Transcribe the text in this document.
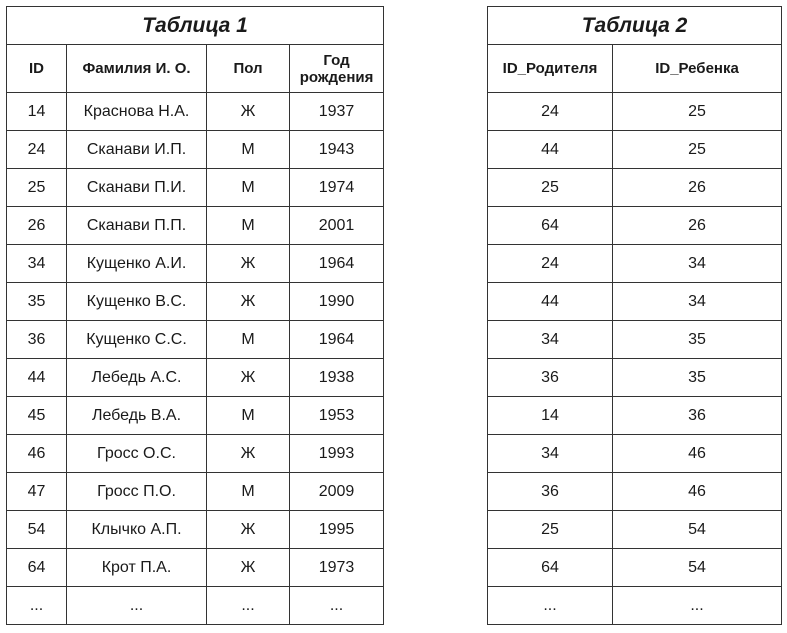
Таблица 1			
ID	Фамилия И. О.	Пол	Год
рождения
14	Краснова Н.А.	Ж	1937
24	Сканави И.П.	М	1943
25	Сканави П.И.	М	1974
26	Сканави П.П.	М	2001
34	Кущенко А.И.	Ж	1964
35	Кущенко В.С.	Ж	1990
36	Кущенко С.С.	М	1964
44	Лебедь А.С.	Ж	1938
45	Лебедь В.А.	М	1953
46	Гросс О.С.	Ж	1993
47	Гросс П.О.	М	2009
54	Клычко А.П.	Ж	1995
64	Крот П.А.	Ж	1973
...	...	...	...
Таблица 2	
ID_Родителя	ID_Ребенка
24	25
44	25
25	26
64	26
24	34
44	34
34	35
36	35
14	36
34	46
36	46
25	54
64	54
...	...
